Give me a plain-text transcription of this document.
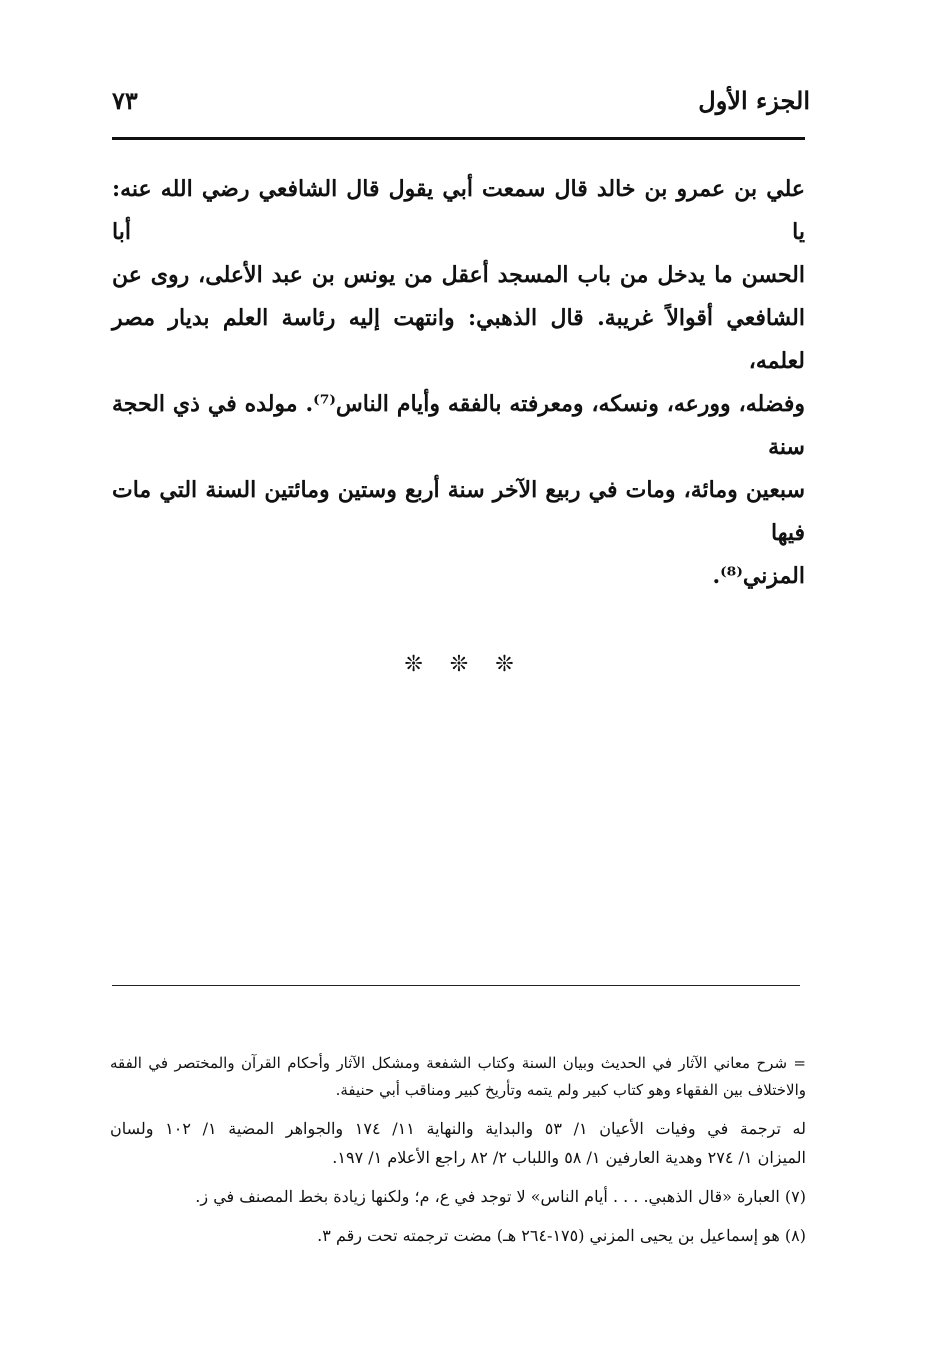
الجزء الأول
٧٣
علي بن عمرو بن خالد قال سمعت أبي يقول قال الشافعي رضي الله عنه: يا أبا
الحسن ما يدخل من باب المسجد أعقل من يونس بن عبد الأعلى، روى عن
الشافعي أقوالاً غريبة. قال الذهبي: وانتهت إليه رئاسة العلم بديار مصر لعلمه،
وفضله، وورعه، ونسكه، ومعرفته بالفقه وأيام الناس⁽⁷⁾. مولده في ذي الحجة سنة
سبعين ومائة، ومات في ربيع الآخر سنة أربع وستين ومائتين السنة التي مات فيها
المزني⁽⁸⁾.
❊ ❊ ❊
= شرح معاني الآثار في الحديث وبيان السنة وكتاب الشفعة ومشكل الآثار وأحكام القرآن والمختصر في الفقه
والاختلاف بين الفقهاء وهو كتاب كبير ولم يتمه وتأريخ كبير ومناقب أبي حنيفة.
له ترجمة في وفيات الأعيان ١/ ٥٣ والبداية والنهاية ١١/ ١٧٤ والجواهر المضية ١/ ١٠٢ ولسان
الميزان ١/ ٢٧٤ وهدية العارفين ١/ ٥٨ واللباب ٢/ ٨٢ راجع الأعلام ١/ ١٩٧.
(٧) العبارة «قال الذهبي. . . . أيام الناس» لا توجد في ع، م؛ ولكنها زيادة بخط المصنف في ز.
(٨) هو إسماعيل بن يحيى المزني (١٧٥-٢٦٤ هـ) مضت ترجمته تحت رقم ٣.
